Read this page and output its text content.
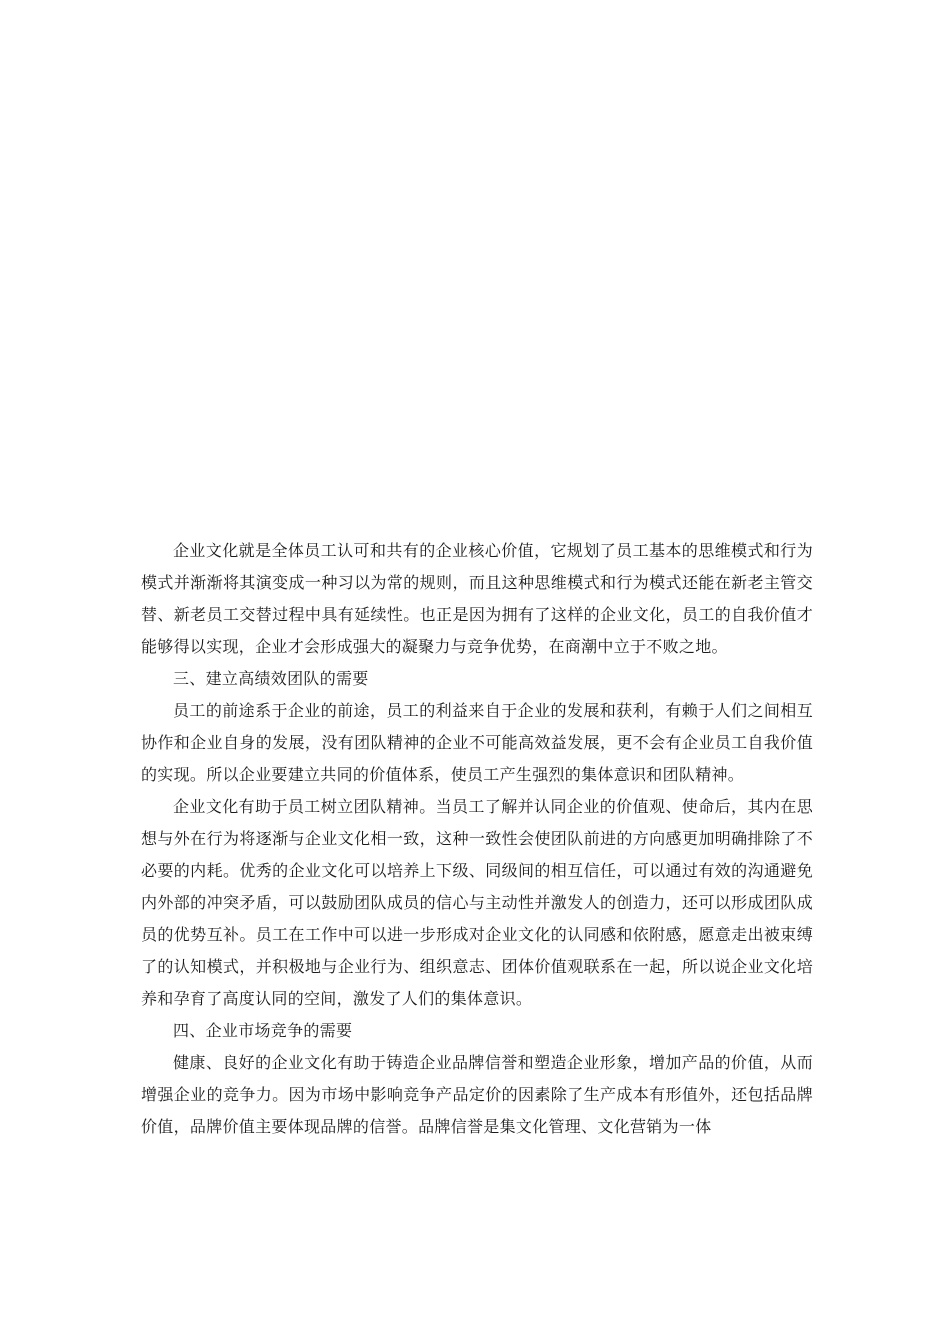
企业文化就是全体员工认可和共有的企业核心价值，它规划了员工基本的思维模式和行为模式并渐渐将其演变成一种习以为常的规则，而且这种思维模式和行为模式还能在新老主管交替、新老员工交替过程中具有延续性。也正是因为拥有了这样的企业文化，员工的自我价值才能够得以实现，企业才会形成强大的凝聚力与竞争优势，在商潮中立于不败之地。

三、建立高绩效团队的需要

员工的前途系于企业的前途，员工的利益来自于企业的发展和获利，有赖于人们之间相互协作和企业自身的发展，没有团队精神的企业不可能高效益发展，更不会有企业员工自我价值的实现。所以企业要建立共同的价值体系，使员工产生强烈的集体意识和团队精神。

企业文化有助于员工树立团队精神。当员工了解并认同企业的价值观、使命后，其内在思想与外在行为将逐渐与企业文化相一致，这种一致性会使团队前进的方向感更加明确排除了不必要的内耗。优秀的企业文化可以培养上下级、同级间的相互信任，可以通过有效的沟通避免内外部的冲突矛盾，可以鼓励团队成员的信心与主动性并激发人的创造力，还可以形成团队成员的优势互补。员工在工作中可以进一步形成对企业文化的认同感和依附感，愿意走出被束缚了的认知模式，并积极地与企业行为、组织意志、团体价值观联系在一起，所以说企业文化培养和孕育了高度认同的空间，激发了人们的集体意识。

四、企业市场竞争的需要

健康、良好的企业文化有助于铸造企业品牌信誉和塑造企业形象，增加产品的价值，从而增强企业的竞争力。因为市场中影响竞争产品定价的因素除了生产成本有形值外，还包括品牌价值，品牌价值主要体现品牌的信誉。品牌信誉是集文化管理、文化营销为一体
